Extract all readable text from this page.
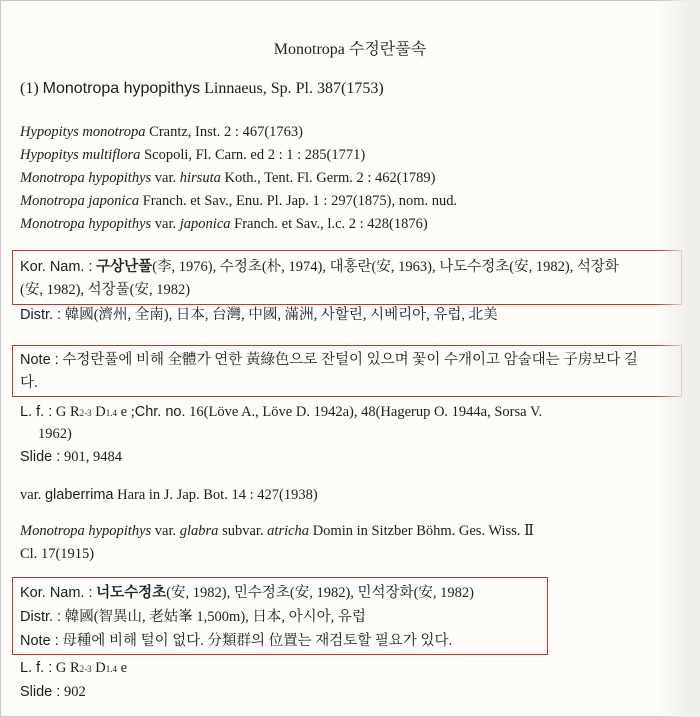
Monotropa 수정란풀속
(1) Monotropa hypopithys Linnaeus, Sp. Pl. 387(1753)
Hypopitys monotropa Crantz, Inst. 2 : 467(1763)
Hypopitys multiflora Scopoli, Fl. Carn. ed 2 : 1 : 285(1771)
Monotropa hypopithys var. hirsuta Koth., Tent. Fl. Germ. 2 : 462(1789)
Monotropa japonica Franch. et Sav., Enu. Pl. Jap. 1 : 297(1875), nom. nud.
Monotropa hypopithys var. japonica Franch. et Sav., l.c. 2 : 428(1876)
Kor. Nam. : 구상난풀(李, 1976), 수정초(朴, 1974), 대홍란(安, 1963), 나도수정초(安, 1982), 석장화
(安, 1982), 석장풀(安, 1982)
Distr. : 韓國(濟州, 全南), 日本, 台灣, 中國, 滿洲, 사할린, 시베리아, 유럽, 北美
Note : 수정란풀에 비해 全體가 연한 黃綠色으로 잔털이 있으며 꽃이 수개이고 암술대는 子房보다 길
다.
L. f. : G R2-3 D1.4 e ;Chr. no. 16(Löve A., Löve D. 1942a), 48(Hagerup O. 1944a, Sorsa V.
1962)
Slide : 901, 9484
var. glaberrima Hara in J. Jap. Bot. 14 : 427(1938)
Monotropa hypopithys var. glabra subvar. atricha Domin in Sitzber Böhm. Ges. Wiss. Ⅱ
Cl. 17(1915)
Kor. Nam. : 너도수정초(安, 1982), 민수정초(安, 1982), 민석장화(安, 1982)
Distr. : 韓國(智異山, 老姑峯 1,500m), 日本, 아시아, 유럽
Note : 母種에 비해 털이 없다. 分類群의 位置는 재검토할 필요가 있다.
L. f. : G R2-3 D1.4 e
Slide : 902
